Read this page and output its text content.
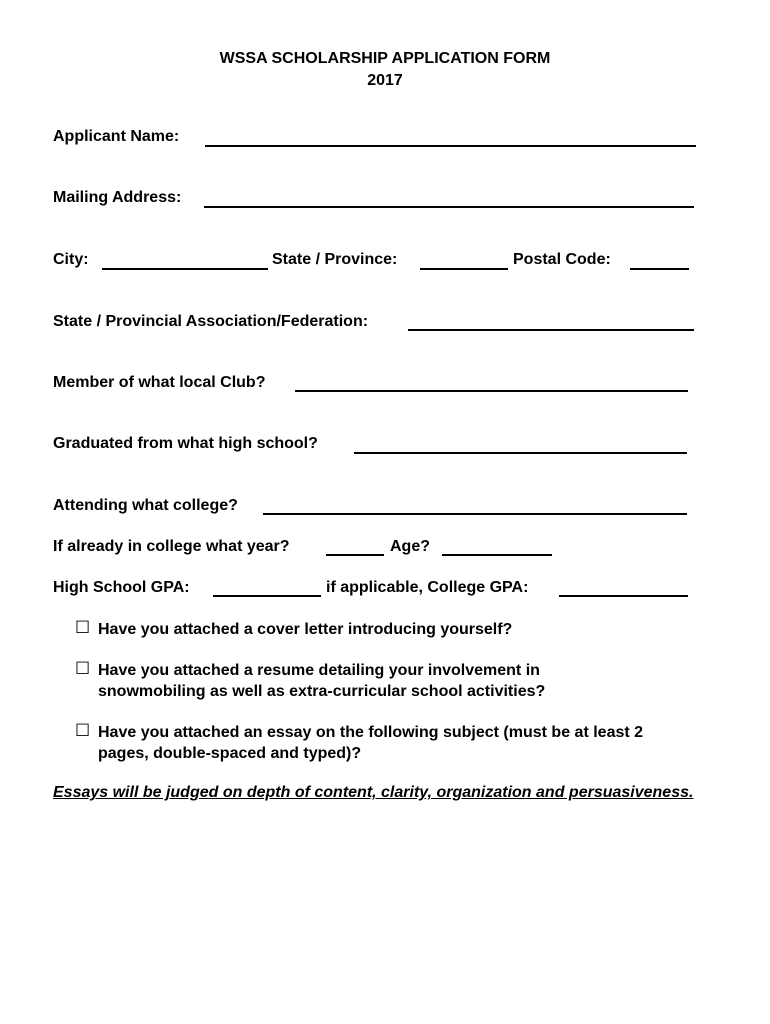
WSSA SCHOLARSHIP APPLICATION FORM
2017
Applicant Name:
Mailing Address:
City:	State / Province:	Postal Code:
State / Provincial Association/Federation:
Member of what local Club?
Graduated from what high school?
Attending what college?
If already in college what year?	Age?
High School GPA:	if applicable, College GPA:
☐ Have you attached a cover letter introducing yourself?
☐ Have you attached a resume detailing your involvement in snowmobiling as well as extra-curricular school activities?
☐ Have you attached an essay on the following subject (must be at least 2 pages, double-spaced and typed)?
Essays will be judged on depth of content, clarity, organization and persuasiveness.
